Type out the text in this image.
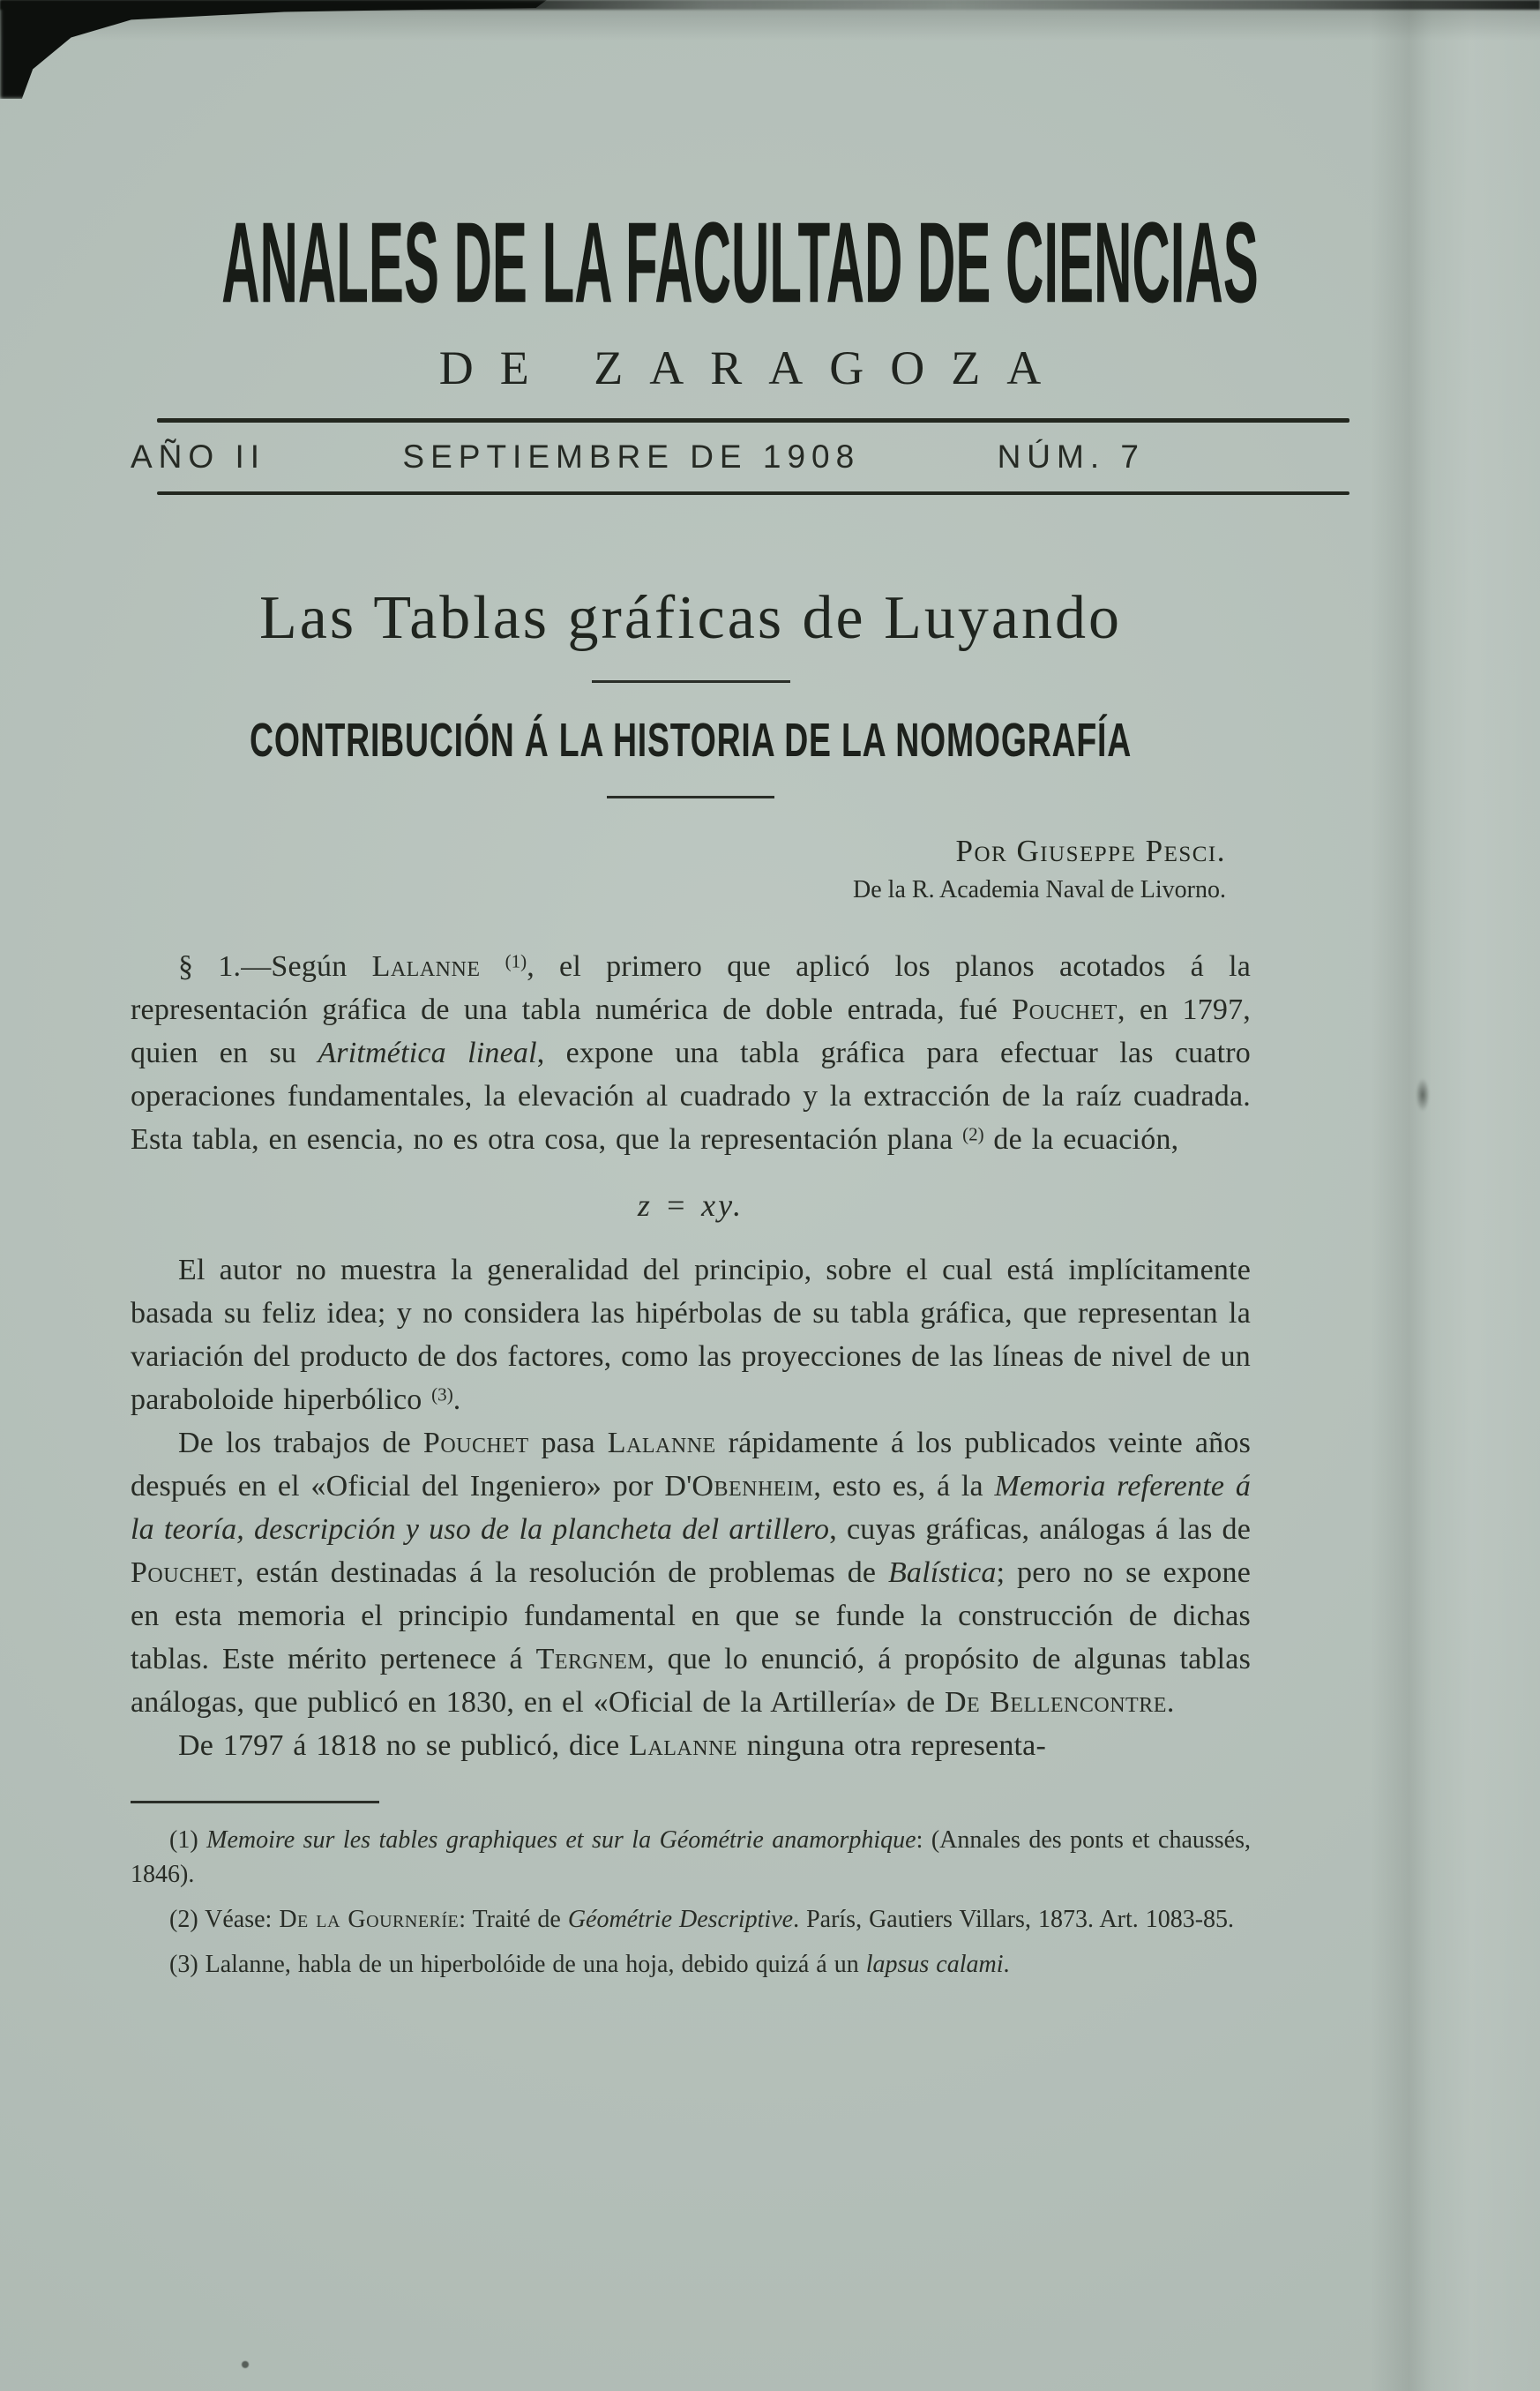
ANALES DE LA FACULTAD DE CIENCIAS
DE ZARAGOZA
AÑO II	SEPTIEMBRE DE 1908	NÚM. 7
Las Tablas gráficas de Luyando
CONTRIBUCIÓN Á LA HISTORIA DE LA NOMOGRAFÍA
Por Giuseppe Pesci.
De la R. Academia Naval de Livorno.

§ 1.—Según Lalanne $^{(1)}$, el primero que aplicó los planos acotados á la representación gráfica de una tabla numérica de doble entrada, fué Pouchet, en 1797, quien en su Aritmética lineal, expone una tabla gráfica para efectuar las cuatro operaciones fundamentales, la elevación al cuadrado y la extracción de la raíz cuadrada. Esta tabla, en esencia, no es otra cosa, que la representación plana $^{(2)}$ de la ecuación,

z = xy.

El autor no muestra la generalidad del principio, sobre el cual está implícitamente basada su feliz idea; y no considera las hipérbolas de su tabla gráfica, que representan la variación del producto de dos factores, como las proyecciones de las líneas de nivel de un paraboloide hiperbólico $^{(3)}$.

De los trabajos de Pouchet pasa Lalanne rápidamente á los publicados veinte años después en el «Oficial del Ingeniero» por D'Obenheim, esto es, á la Memoria referente á la teoría, descripción y uso de la plancheta del artillero, cuyas gráficas, análogas á las de Pouchet, están destinadas á la resolución de problemas de Balística; pero no se expone en esta memoria el principio fundamental en que se funde la construcción de dichas tablas. Este mérito pertenece á Tergnem, que lo enunció, á propósito de algunas tablas análogas, que publicó en 1830, en el «Oficial de la Artillería» de De Bellencontre.

De 1797 á 1818 no se publicó, dice Lalanne ninguna otra representa-

(1) Memoire sur les tables graphiques et sur la Géométrie anamorphique: (Annales des ponts et chaussés, 1846).

(2) Véase: De la Gourneríe: Traité de Géométrie Descriptive. París, Gautiers Villars, 1873. Art. 1083-85.

(3) Lalanne, habla de un hiperbolóide de una hoja, debido quizá á un lapsus calami.
